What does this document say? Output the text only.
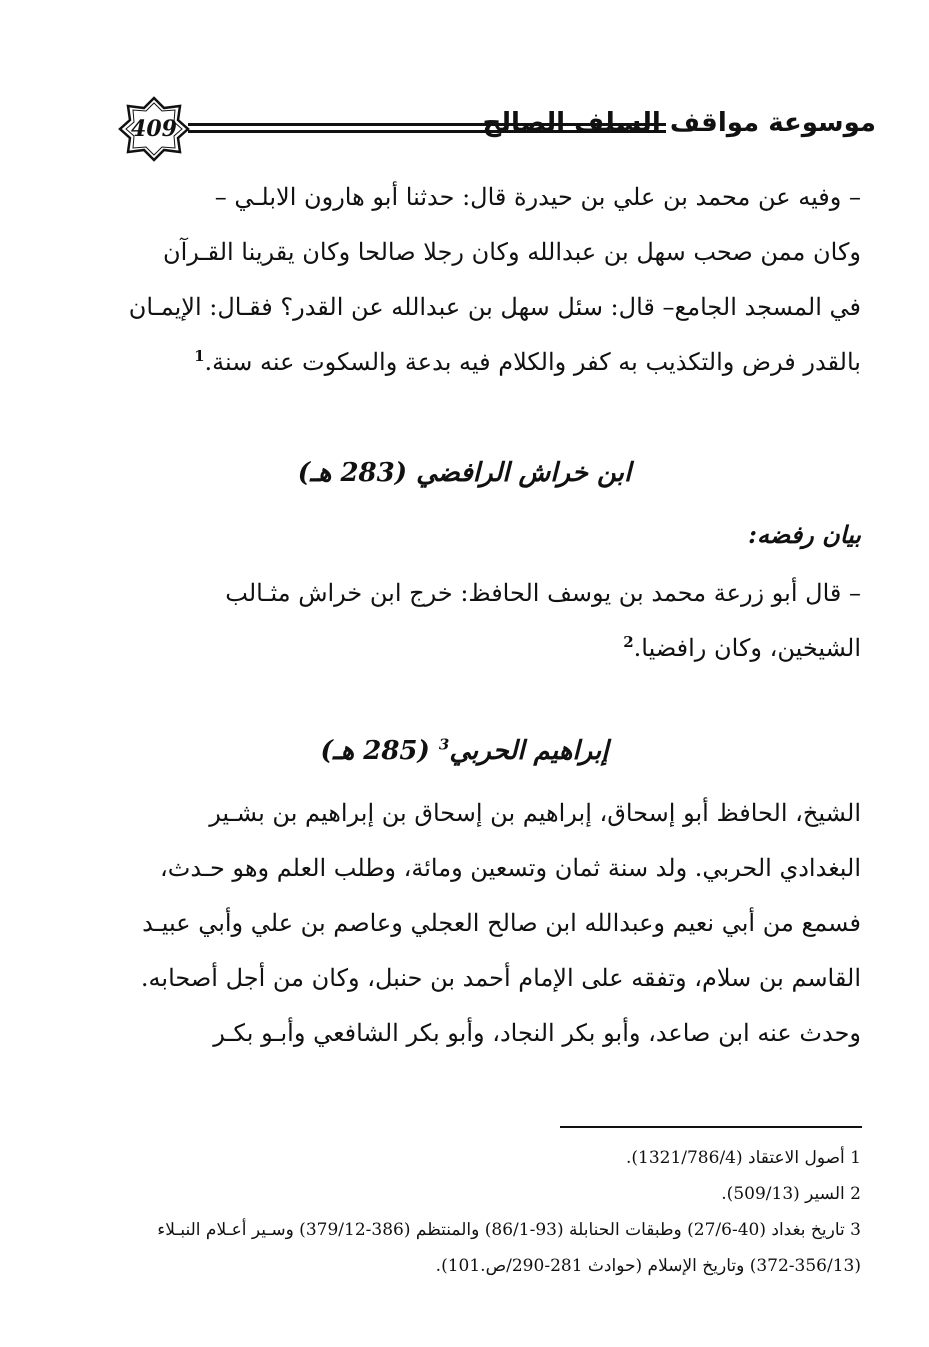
409	موسوعة مواقف السلف الصالح
– وفيه عن محمد بن علي بن حيدرة قال: حدثنا أبو هارون الابلـي –
وكان ممن صحب سهل بن عبدالله وكان رجلا صالحا وكان يقرينا القـرآن
في المسجد الجامع– قال: سئل سهل بن عبدالله عن القدر؟ فقـال: الإيمـان
بالقدر فرض والتكذيب به كفر والكلام فيه بدعة والسكوت عنه سنة.$^1$
ابن خراش الرافضي (283 هـ)
بيان رفضه:
– قال أبو زرعة محمد بن يوسف الحافظ: خرج ابن خراش مثـالب
الشيخين، وكان رافضيا.$^2$
إبراهيم الحربي$^3$ (285 هـ)
الشيخ، الحافظ أبو إسحاق، إبراهيم بن إسحاق بن إبراهيم بن بشـير
البغدادي الحربي. ولد سنة ثمان وتسعين ومائة، وطلب العلم وهو حـدث،
فسمع من أبي نعيم وعبدالله ابن صالح العجلي وعاصم بن علي وأبي عبيـد
القاسم بن سلام، وتفقه على الإمام أحمد بن حنبل، وكان من أجل أصحابه.
وحدث عنه ابن صاعد، وأبو بكر النجاد، وأبو بكر الشافعي وأبـو بكـر
1 أصول الاعتقاد (1321/786/4).
2 السير (509/13).
3 تاريخ بغداد (40-27/6) وطبقات الحنابلة (93-86/1) والمنتظم (386-379/12) وسـير أعـلام النبـلاء
(372-356/13) وتاريخ الإسلام (حوادث 281-290/ص.101).
